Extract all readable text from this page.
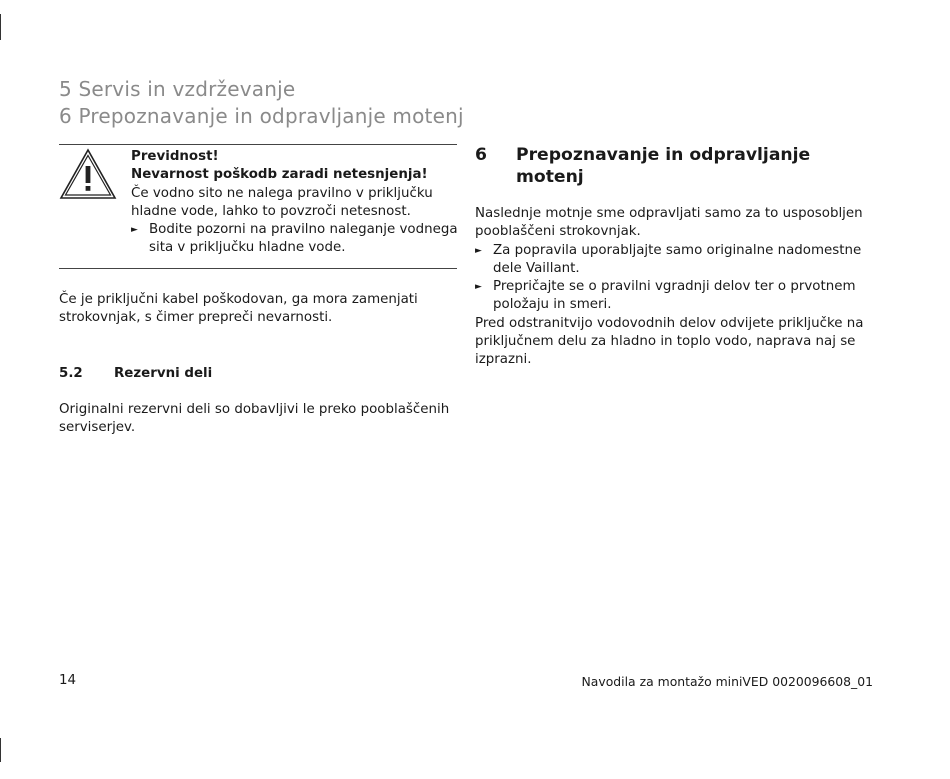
5 Servis in vzdrževanje
6 Prepoznavanje in odpravljanje motenj
Previdnost!
Nevarnost poškodb zaradi netesnjenja!
Če vodno sito ne nalega pravilno v priključku hladne vode, lahko to povzroči netesnost.
► Bodite pozorni na pravilno naleganje vodnega sita v priključku hladne vode.
Če je priključni kabel poškodovan, ga mora zamenjati strokovnjak, s čimer prepreči nevarnosti.
5.2	Rezervni deli
Originalni rezervni deli so dobavljivi le preko pooblaščenih serviserjev.
6	Prepoznavanje in odpravljanje motenj
Naslednje motnje sme odpravljati samo za to usposobljen pooblaščeni strokovnjak.
► Za popravila uporabljajte samo originalne nadomestne dele Vaillant.
► Prepričajte se o pravilni vgradnji delov ter o prvotnem položaju in smeri.
Pred odstranitvijo vodovodnih delov odvijete priključke na priključnem delu za hladno in toplo vodo, naprava naj se izprazni.
14	Navodila za montažo miniVED 0020096608_01
